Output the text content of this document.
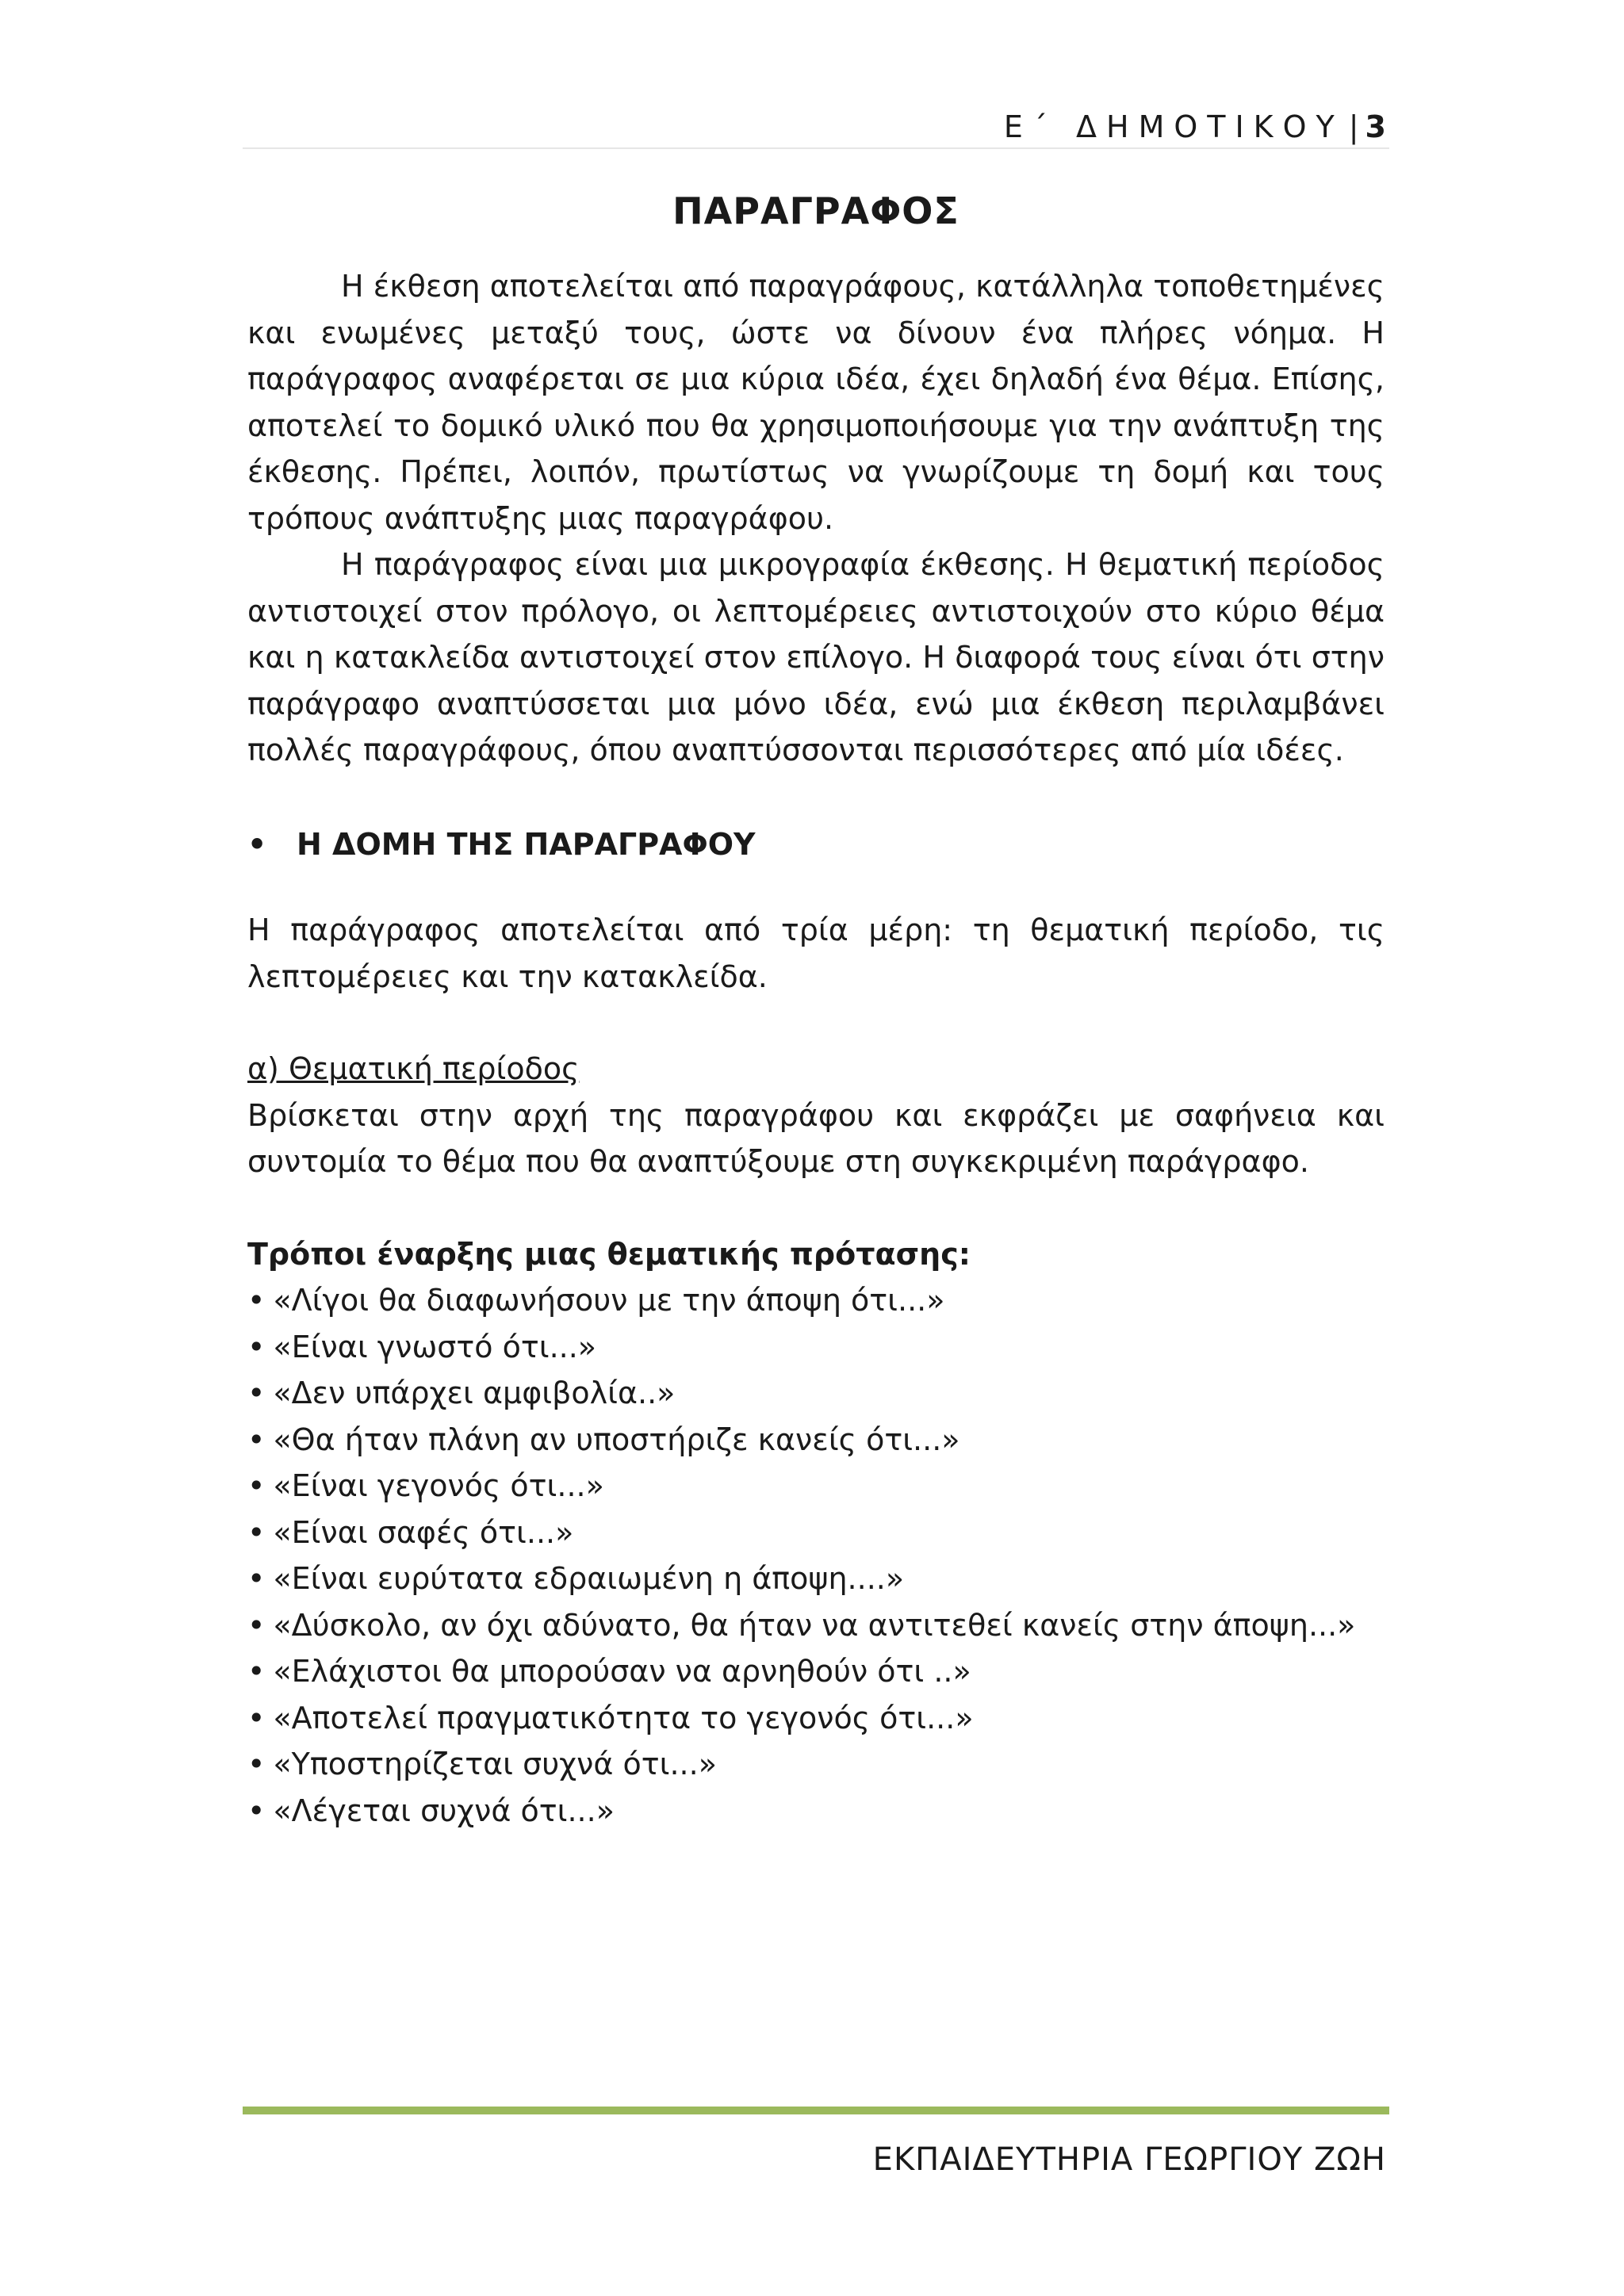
Ε΄ ΔΗΜΟΤΙΚΟΥ | 3

ΠΑΡΑΓΡΑΦΟΣ

Η έκθεση αποτελείται από παραγράφους, κατάλληλα τοποθετημένες και ενωμένες μεταξύ τους, ώστε να δίνουν ένα πλήρες νόημα. Η παράγραφος αναφέρεται σε μια κύρια ιδέα, έχει δηλαδή ένα θέμα. Επίσης, αποτελεί το δομικό υλικό που θα χρησιμοποιήσουμε για την ανάπτυξη της έκθεσης. Πρέπει, λοιπόν, πρωτίστως να γνωρίζουμε τη δομή και τους τρόπους ανάπτυξης μιας παραγράφου.

Η παράγραφος είναι μια μικρογραφία έκθεσης. Η θεματική περίοδος αντιστοιχεί στον πρόλογο, οι λεπτομέρειες αντιστοιχούν στο κύριο θέμα και η κατακλείδα αντιστοιχεί στον επίλογο. Η διαφορά τους είναι ότι στην παράγραφο αναπτύσσεται μια μόνο ιδέα, ενώ μια έκθεση περιλαμβάνει πολλές παραγράφους, όπου αναπτύσσονται περισσότερες από μία ιδέες.

• Η ΔΟΜΗ ΤΗΣ ΠΑΡΑΓΡΑΦΟΥ

Η παράγραφος αποτελείται από τρία μέρη: τη θεματική περίοδο, τις λεπτομέρειες και την κατακλείδα.

α) Θεματική περίοδος

Βρίσκεται στην αρχή της παραγράφου και εκφράζει με σαφήνεια και συντομία το θέμα που θα αναπτύξουμε στη συγκεκριμένη παράγραφο.

Τρόποι έναρξης μιας θεματικής πρότασης:

• «Λίγοι θα διαφωνήσουν με την άποψη ότι...»
• «Είναι γνωστό ότι...»
• «Δεν υπάρχει αμφιβολία..»
• «Θα ήταν πλάνη αν υποστήριζε κανείς ότι...»
• «Είναι γεγονός ότι...»
• «Είναι σαφές ότι...»
• «Είναι ευρύτατα εδραιωμένη η άποψη....»
• «Δύσκολο, αν όχι αδύνατο, θα ήταν να αντιτεθεί κανείς στην άποψη...»
• «Ελάχιστοι θα μπορούσαν να αρνηθούν ότι ..»
• «Αποτελεί πραγματικότητα το γεγονός ότι...»
• «Υποστηρίζεται συχνά ότι...»
• «Λέγεται συχνά ότι...»
ΕΚΠΑΙΔΕΥΤΗΡΙΑ ΓΕΩΡΓΙΟΥ ΖΩΗ
